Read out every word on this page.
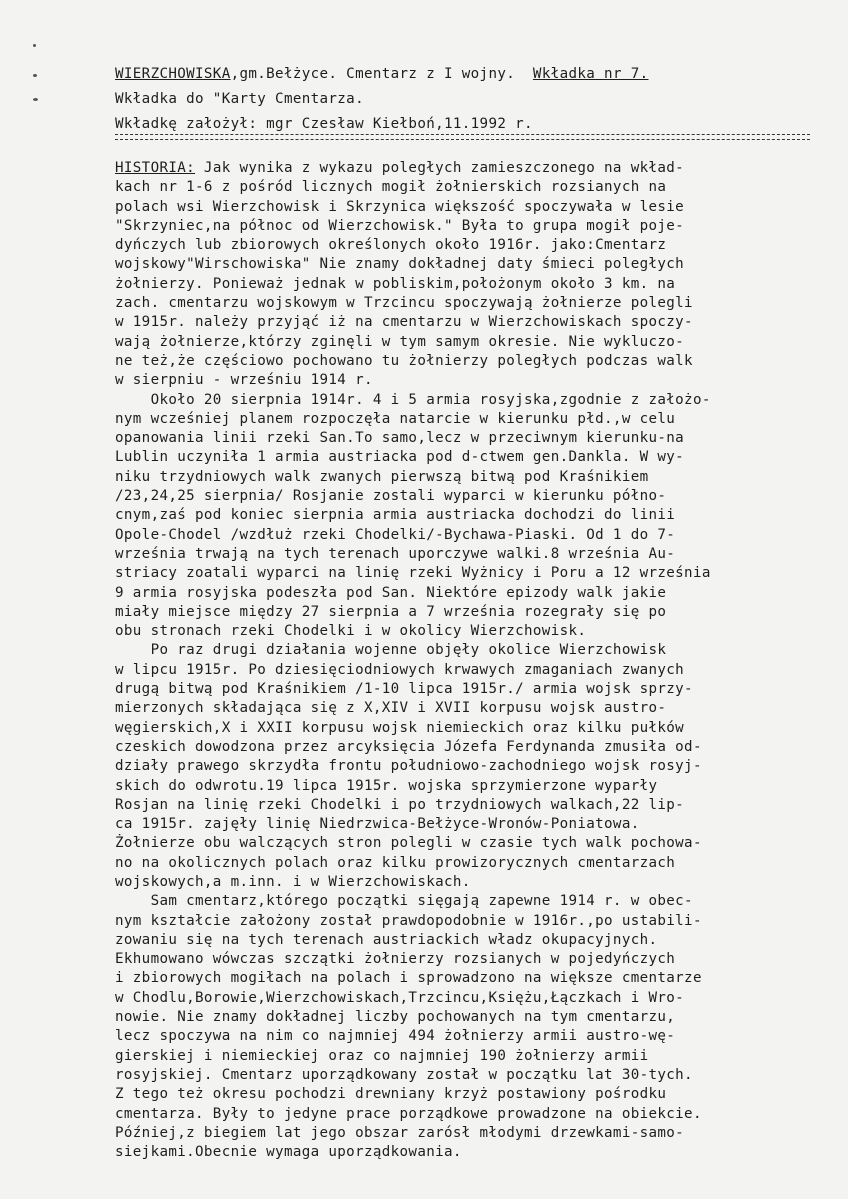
WIERZCHOWISKA,gm.Bełżyce. Cmentarz z I wojny. Wkładka nr 7.
Wkładka do "Karty Cmentarza.
Wkładkę założył: mgr Czesław Kiełboń,11.1992 r.
HISTORIA: Jak wynika z wykazu poległych zamieszczonego na wkład-
kach nr 1-6 z pośród licznych mogił żołnierskich rozsianych na
polach wsi Wierzchowisk i Skrzynica większość spoczywała w lesie
"Skrzyniec,na północ od Wierzchowisk." Była to grupa mogił poje-
dyńczych lub zbiorowych określonych około 1916r. jako:Cmentarz
wojskowy"Wirschowiska" Nie znamy dokładnej daty śmieci poległych
żołnierzy. Ponieważ jednak w pobliskim,położonym około 3 km. na
zach. cmentarzu wojskowym w Trzcincu spoczywają żołnierze polegli
w 1915r. należy przyjąć iż na cmentarzu w Wierzchowiskach spoczy-
wają żołnierze,którzy zginęli w tym samym okresie. Nie wykluczo-
ne też,że częściowo pochowano tu żołnierzy poległych podczas walk
w sierpniu - wrześniu 1914 r.
Około 20 sierpnia 1914r. 4 i 5 armia rosyjska,zgodnie z założo-
nym wcześniej planem rozpoczęła natarcie w kierunku płd.,w celu
opanowania linii rzeki San.To samo,lecz w przeciwnym kierunku-na
Lublin uczyniła 1 armia austriacka pod d-ctwem gen.Dankla. W wy-
niku trzydniowych walk zwanych pierwszą bitwą pod Kraśnikiem
/23,24,25 sierpnia/ Rosjanie zostali wyparci w kierunku półno-
cnym,zaś pod koniec sierpnia armia austriacka dochodzi do linii
Opole-Chodel /wzdłuż rzeki Chodelki/-Bychawa-Piaski. Od 1 do 7-
września trwają na tych terenach uporczywe walki.8 września Au-
striacy zoatali wyparci na linię rzeki Wyżnicy i Poru a 12 września
9 armia rosyjska podeszła pod San. Niektóre epizody walk jakie
miały miejsce między 27 sierpnia a 7 września rozegrały się po
obu stronach rzeki Chodelki i w okolicy Wierzchowisk.
Po raz drugi działania wojenne objęły okolice Wierzchowisk
w lipcu 1915r. Po dziesięciodniowych krwawych zmaganiach zwanych
drugą bitwą pod Kraśnikiem /1-10 lipca 1915r./ armia wojsk sprzy-
mierzonych składająca się z X,XIV i XVII korpusu wojsk austro-
węgierskich,X i XXII korpusu wojsk niemieckich oraz kilku pułków
czeskich dowodzona przez arcyksięcia Józefa Ferdynanda zmusiła od-
działy prawego skrzydła frontu południowo-zachodniego wojsk rosyj-
skich do odwrotu.19 lipca 1915r. wojska sprzymierzone wyparły
Rosjan na linię rzeki Chodelki i po trzydniowych walkach,22 lip-
ca 1915r. zajęły linię Niedrzwica-Bełżyce-Wronów-Poniatowa.
Żołnierze obu walczących stron polegli w czasie tych walk pochowa-
no na okolicznych polach oraz kilku prowizorycznych cmentarzach
wojskowych,a m.inn. i w Wierzchowiskach.
Sam cmentarz,którego początki sięgają zapewne 1914 r. w obec-
nym kształcie założony został prawdopodobnie w 1916r.,po ustabili-
zowaniu się na tych terenach austriackich władz okupacyjnych.
Ekhumowano wówczas szczątki żołnierzy rozsianych w pojedyńczych
i zbiorowych mogiłach na polach i sprowadzono na większe cmentarze
w Chodlu,Borowie,Wierzchowiskach,Trzcincu,Księżu,Łączkach i Wro-
nowie. Nie znamy dokładnej liczby pochowanych na tym cmentarzu,
lecz spoczywa na nim co najmniej 494 żołnierzy armii austro-wę-
gierskiej i niemieckiej oraz co najmniej 190 żołnierzy armii
rosyjskiej. Cmentarz uporządkowany został w początku lat 30-tych.
Z tego też okresu pochodzi drewniany krzyż postawiony pośrodku
cmentarza. Były to jedyne prace porządkowe prowadzone na obiekcie.
Później,z biegiem lat jego obszar zarósł młodymi drzewkami-samo-
siejkami.Obecnie wymaga uporządkowania.
